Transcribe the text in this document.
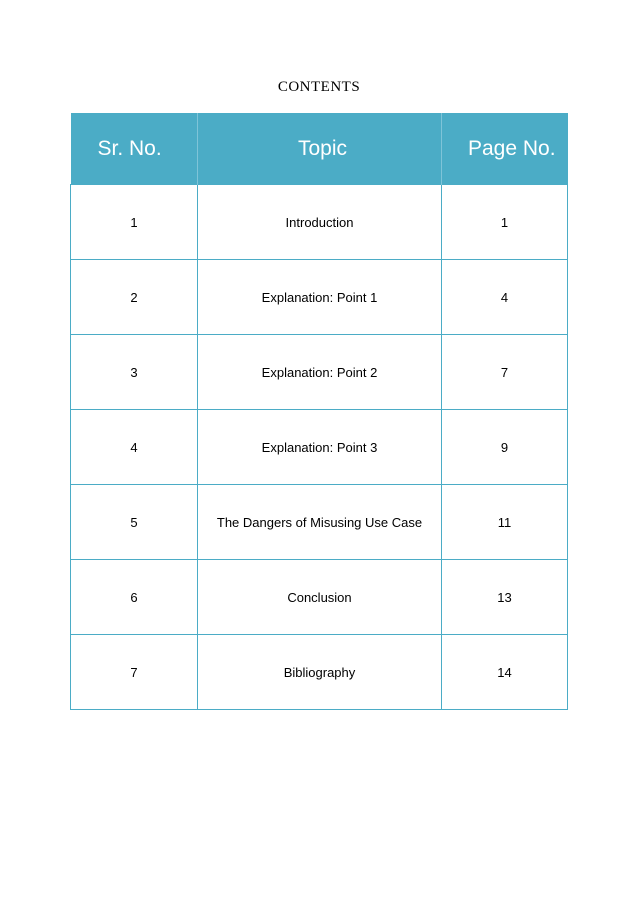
CONTENTS
Sr. No.	Topic	Page No.
1	Introduction	1
2	Explanation: Point 1	4
3	Explanation: Point 2	7
4	Explanation: Point 3	9
5	The Dangers of Misusing Use Case	11
6	Conclusion	13
7	Bibliography	14
